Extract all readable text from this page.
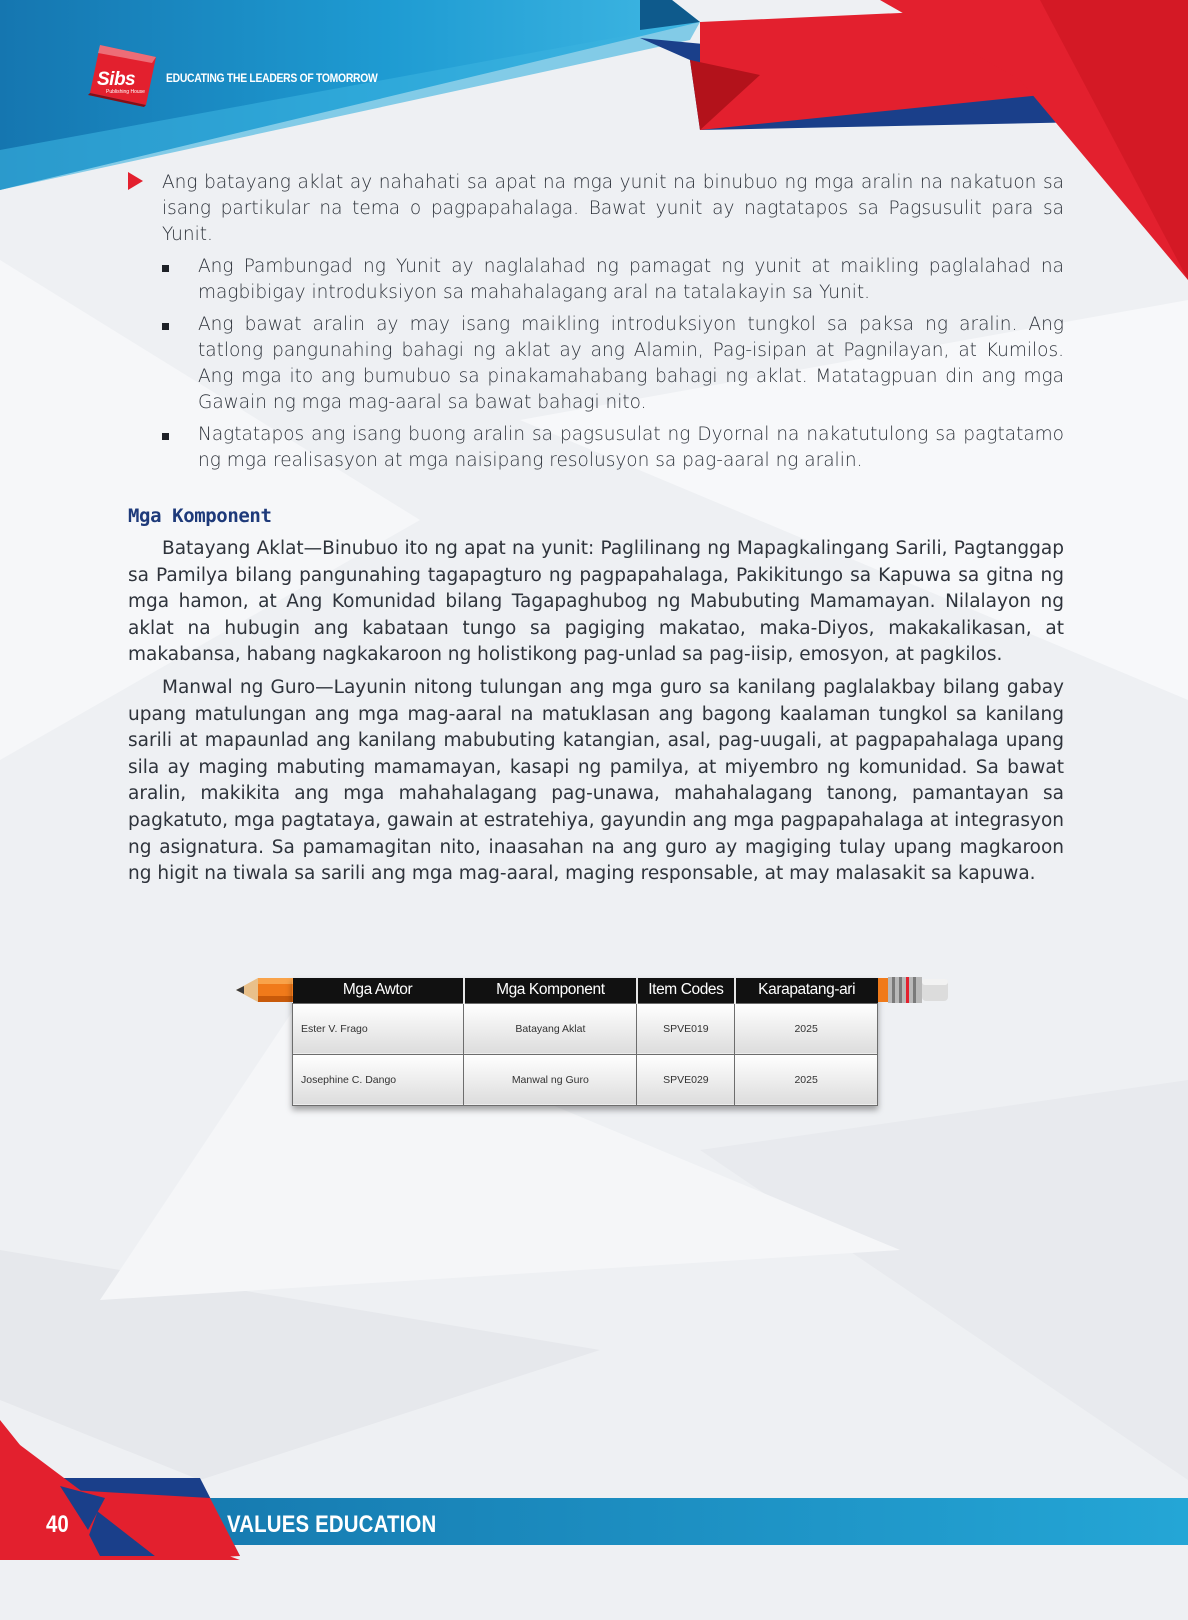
Sibs
Publishing House
EDUCATING THE LEADERS OF TOMORROW
Ang batayang aklat ay nahahati sa apat na mga yunit na binubuo ng mga aralin na nakatuon sa isang partikular na tema o pagpapahalaga. Bawat yunit ay nagtatapos sa Pagsusulit para sa Yunit.
Ang Pambungad ng Yunit ay naglalahad ng pamagat ng yunit at maikling paglalahad na magbibigay introduksiyon sa mahahalagang aral na tatalakayin sa Yunit.
Ang bawat aralin ay may isang maikling introduksiyon tungkol sa paksa ng aralin. Ang tatlong pangunahing bahagi ng aklat ay ang Alamin, Pag-isipan at Pagnilayan, at Kumilos. Ang mga ito ang bumubuo sa pinakamahabang bahagi ng aklat. Matatagpuan din ang mga Gawain ng mga mag-aaral sa bawat bahagi nito.
Nagtatapos ang isang buong aralin sa pagsusulat ng Dyornal na nakatutulong sa pagtatamo ng mga realisasyon at mga naisipang resolusyon sa pag-aaral ng aralin.
Mga Komponent

Batayang Aklat—Binubuo ito ng apat na yunit: Paglilinang ng Mapagkalingang Sarili, Pagtanggap sa Pamilya bilang pangunahing tagapagturo ng pagpapahalaga, Pakikitungo sa Kapuwa sa gitna ng mga hamon, at Ang Komunidad bilang Tagapaghubog ng Mabubuting Mamamayan. Nilalayon ng aklat na hubugin ang kabataan tungo sa pagiging makatao, maka-Diyos, makakalikasan, at makabansa, habang nagkakaroon ng holistikong pag-unlad sa pag-iisip, emosyon, at pagkilos.

Manwal ng Guro—Layunin nitong tulungan ang mga guro sa kanilang paglalakbay bilang gabay upang matulungan ang mga mag-aaral na matuklasan ang bagong kaalaman tungkol sa kanilang sarili at mapaunlad ang kanilang mabubuting katangian, asal, pag-uugali, at pagpapahalaga upang sila ay maging mabuting mamamayan, kasapi ng pamilya, at miyembro ng komunidad. Sa bawat aralin, makikita ang mga mahahalagang pag-unawa, mahahalagang tanong, pamantayan sa pagkatuto, mga pagtataya, gawain at estratehiya, gayundin ang mga pagpapahalaga at integrasyon ng asignatura. Sa pamamagitan nito, inaasahan na ang guro ay magiging tulay upang magkaroon ng higit na tiwala sa sarili ang mga mag-aaral, maging responsable, at may malasakit sa kapuwa.

Mga Awtor	Mga Komponent	Item Codes	Karapatang-ari
Ester V. Frago	Batayang Aklat	SPVE019	2025
Josephine C. Dango	Manwal ng Guro	SPVE029	2025
40	VALUES EDUCATION
